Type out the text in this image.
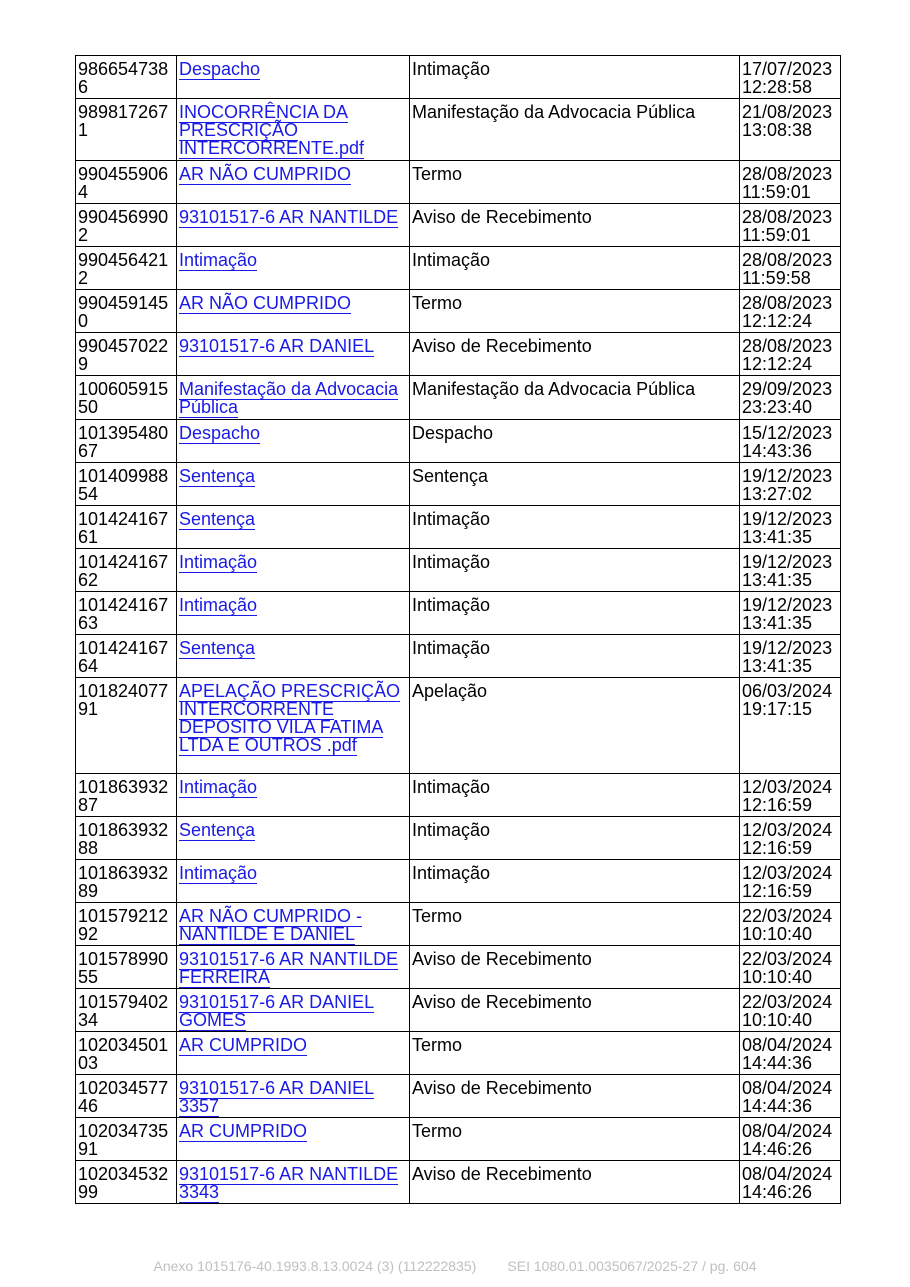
9866547386	Despacho	Intimação	17/07/2023
12:28:58

9898172671	INOCORRÊNCIA DA PRESCRIÇÃO INTERCORRENTE.pdf	Manifestação da Advocacia Pública	21/08/2023
13:08:38

9904559064	AR NÃO CUMPRIDO	Termo	28/08/2023
11:59:01

9904569902	93101517-6 AR NANTILDE	Aviso de Recebimento	28/08/2023
11:59:01

9904564212	Intimação	Intimação	28/08/2023
11:59:58

9904591450	AR NÃO CUMPRIDO	Termo	28/08/2023
12:12:24

9904570229	93101517-6 AR DANIEL	Aviso de Recebimento	28/08/2023
12:12:24

10060591550	Manifestação da Advocacia Pública	Manifestação da Advocacia Pública	29/09/2023
23:23:40

10139548067	Despacho	Despacho	15/12/2023
14:43:36

10140998854	Sentença	Sentença	19/12/2023
13:27:02

10142416761	Sentença	Intimação	19/12/2023
13:41:35

10142416762	Intimação	Intimação	19/12/2023
13:41:35

10142416763	Intimação	Intimação	19/12/2023
13:41:35

10142416764	Sentença	Intimação	19/12/2023
13:41:35

10182407791	APELAÇÃO PRESCRIÇÃO INTERCORRENTE DEPOSITO VILA FATIMA LTDA E OUTROS .pdf	Apelação	06/03/2024
19:17:15

10186393287	Intimação	Intimação	12/03/2024
12:16:59

10186393288	Sentença	Intimação	12/03/2024
12:16:59

10186393289	Intimação	Intimação	12/03/2024
12:16:59

10157921292	AR NÃO CUMPRIDO - NANTILDE E DANIEL	Termo	22/03/2024
10:10:40

10157899055	93101517-6 AR NANTILDE FERREIRA	Aviso de Recebimento	22/03/2024
10:10:40

10157940234	93101517-6 AR DANIEL GOMES	Aviso de Recebimento	22/03/2024
10:10:40

10203450103	AR CUMPRIDO	Termo	08/04/2024
14:44:36

10203457746	93101517-6 AR DANIEL 3357	Aviso de Recebimento	08/04/2024
14:44:36

10203473591	AR CUMPRIDO	Termo	08/04/2024
14:46:26

10203453299	93101517-6 AR NANTILDE 3343	Aviso de Recebimento	08/04/2024
14:46:26
Anexo 1015176-40.1993.8.13.0024 (3) (112222835) SEI 1080.01.0035067/2025-27 / pg. 604
